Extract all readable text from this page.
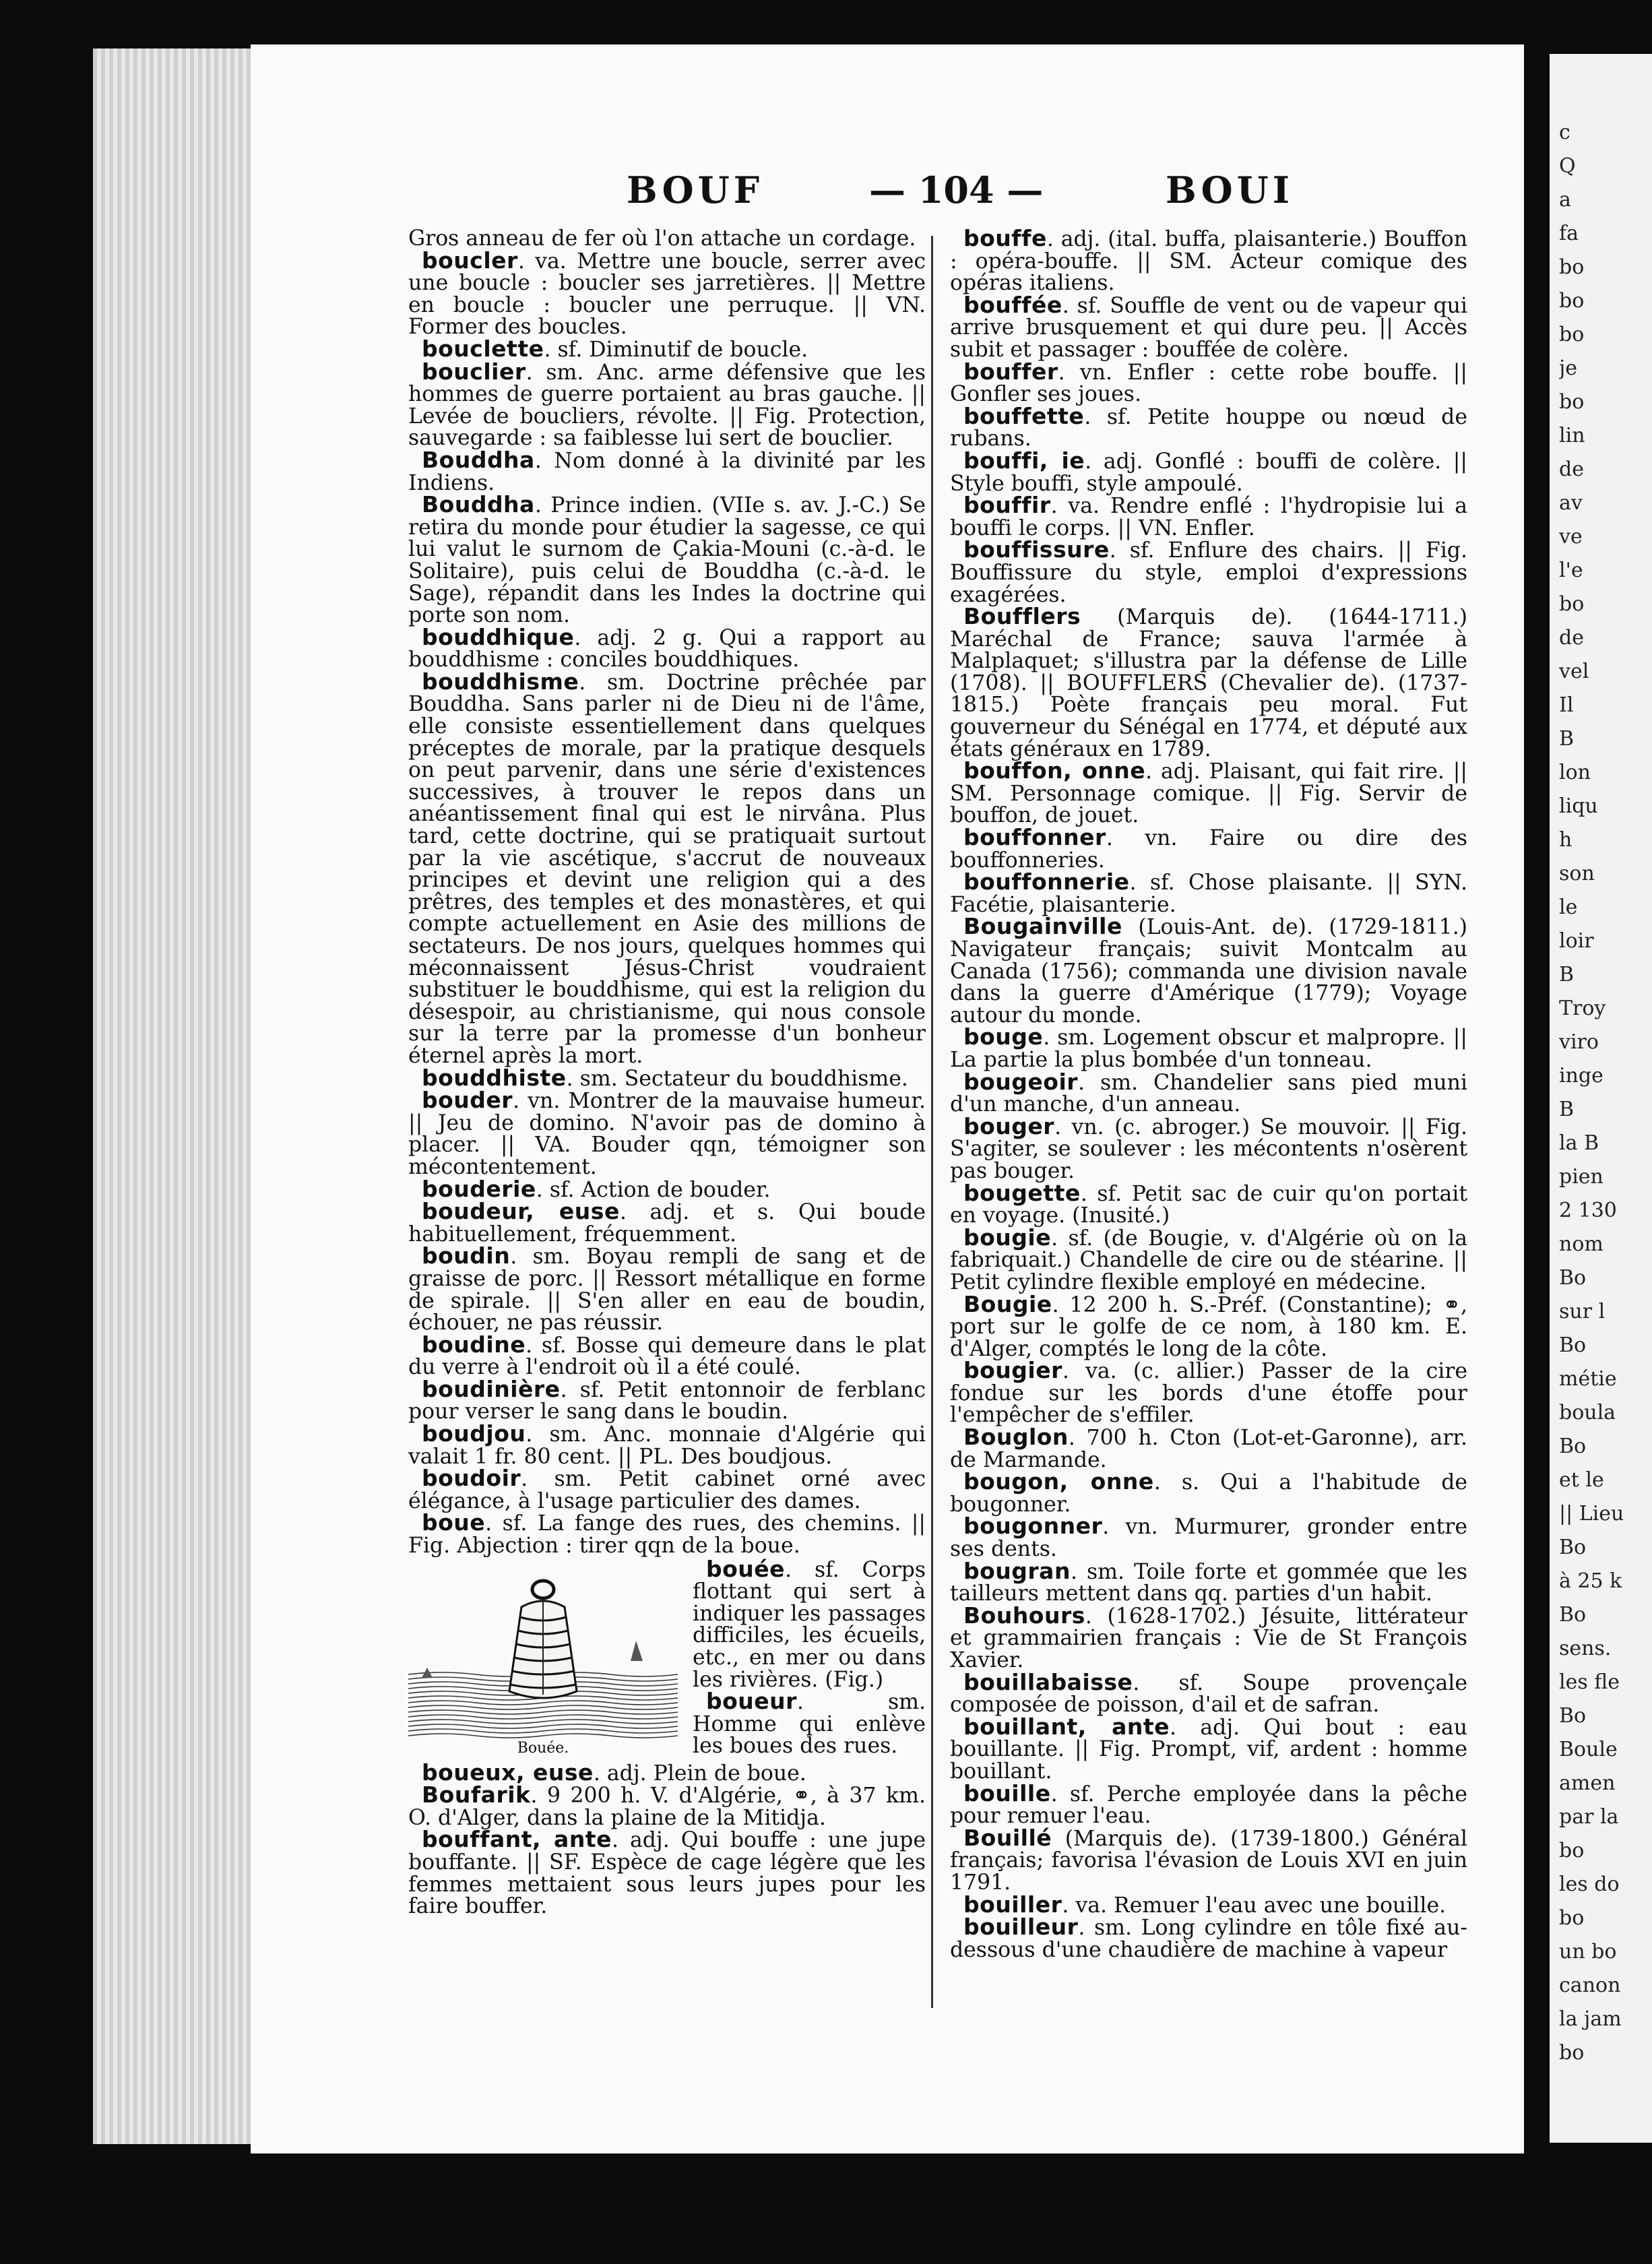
c
Q
a
fa
bo
bo
bo
je
bo
lin
de
av
ve
l'e
bo
de
vel
Il
B
lon
liqu
h
son
le
loir
B
Troy
viro
inge
B
la B
pien
2 130
nom
Bo
sur l
Bo
métie
boula
Bo
et le
|| Lieu
Bo
à 25 k
Bo
sens.
les fle
Bo
Boule
amen
par la
bo
les do
bo
un bo
canon
la jam
bo
BOUF	— 104 —	BOUI

Gros anneau de fer où l'on attache un cordage.

boucler. va. Mettre une boucle, serrer avec une boucle : boucler ses jarretières. || Mettre en boucle : boucler une perruque. || VN. Former des boucles.

bouclette. sf. Diminutif de boucle.

bouclier. sm. Anc. arme défensive que les hommes de guerre portaient au bras gauche. || Levée de boucliers, révolte. || Fig. Protection, sauvegarde : sa faiblesse lui sert de bouclier.

Bouddha. Nom donné à la divinité par les Indiens.

Bouddha. Prince indien. (VIIe s. av. J.-C.) Se retira du monde pour étudier la sagesse, ce qui lui valut le surnom de Çakia-Mouni (c.-à-d. le Solitaire), puis celui de Bouddha (c.-à-d. le Sage), répandit dans les Indes la doctrine qui porte son nom.

bouddhique. adj. 2 g. Qui a rapport au bouddhisme : conciles bouddhiques.

bouddhisme. sm. Doctrine prêchée par Bouddha. Sans parler ni de Dieu ni de l'âme, elle consiste essentiellement dans quelques préceptes de morale, par la pratique desquels on peut parvenir, dans une série d'existences successives, à trouver le repos dans un anéantissement final qui est le nirvâna. Plus tard, cette doctrine, qui se pratiquait surtout par la vie ascétique, s'accrut de nouveaux principes et devint une religion qui a des prêtres, des temples et des monastères, et qui compte actuellement en Asie des millions de sectateurs. De nos jours, quelques hommes qui méconnaissent Jésus-Christ voudraient substituer le bouddhisme, qui est la religion du désespoir, au christianisme, qui nous console sur la terre par la promesse d'un bonheur éternel après la mort.

bouddhiste. sm. Sectateur du bouddhisme.

bouder. vn. Montrer de la mauvaise humeur. || Jeu de domino. N'avoir pas de domino à placer. || VA. Bouder qqn, témoigner son mécontentement.

bouderie. sf. Action de bouder.

boudeur, euse. adj. et s. Qui boude habituellement, fréquemment.

boudin. sm. Boyau rempli de sang et de graisse de porc. || Ressort métallique en forme de spirale. || S'en aller en eau de boudin, échouer, ne pas réussir.

boudine. sf. Bosse qui demeure dans le plat du verre à l'endroit où il a été coulé.

boudinière. sf. Petit entonnoir de ferblanc pour verser le sang dans le boudin.

boudjou. sm. Anc. monnaie d'Algérie qui valait 1 fr. 80 cent. || PL. Des boudjous.

boudoir. sm. Petit cabinet orné avec élégance, à l'usage particulier des dames.

boue. sf. La fange des rues, des chemins. || Fig. Abjection : tirer qqn de la boue.

Bouée.

bouée. sf. Corps flottant qui sert à indiquer les passages difficiles, les écueils, etc., en mer ou dans les rivières. (Fig.)

boueur. sm. Homme qui enlève les boues des rues.

boueux, euse. adj. Plein de boue.

Boufarik. 9 200 h. V. d'Algérie, ⚭, à 37 km. O. d'Alger, dans la plaine de la Mitidja.

bouffant, ante. adj. Qui bouffe : une jupe bouffante. || SF. Espèce de cage légère que les femmes mettaient sous leurs jupes pour les faire bouffer.

bouffe. adj. (ital. buffa, plaisanterie.) Bouffon : opéra-bouffe. || SM. Acteur comique des opéras italiens.

bouffée. sf. Souffle de vent ou de vapeur qui arrive brusquement et qui dure peu. || Accès subit et passager : bouffée de colère.

bouffer. vn. Enfler : cette robe bouffe. || Gonfler ses joues.

bouffette. sf. Petite houppe ou nœud de rubans.

bouffi, ie. adj. Gonflé : bouffi de colère. || Style bouffi, style ampoulé.

bouffir. va. Rendre enflé : l'hydropisie lui a bouffi le corps. || VN. Enfler.

bouffissure. sf. Enflure des chairs. || Fig. Bouffissure du style, emploi d'expressions exagérées.

Boufflers (Marquis de). (1644-1711.) Maréchal de France; sauva l'armée à Malplaquet; s'illustra par la défense de Lille (1708). || BOUFFLERS (Chevalier de). (1737-1815.) Poète français peu moral. Fut gouverneur du Sénégal en 1774, et député aux états généraux en 1789.

bouffon, onne. adj. Plaisant, qui fait rire. || SM. Personnage comique. || Fig. Servir de bouffon, de jouet.

bouffonner. vn. Faire ou dire des bouffonneries.

bouffonnerie. sf. Chose plaisante. || SYN. Facétie, plaisanterie.

Bougainville (Louis-Ant. de). (1729-1811.) Navigateur français; suivit Montcalm au Canada (1756); commanda une division navale dans la guerre d'Amérique (1779); Voyage autour du monde.

bouge. sm. Logement obscur et malpropre. || La partie la plus bombée d'un tonneau.

bougeoir. sm. Chandelier sans pied muni d'un manche, d'un anneau.

bouger. vn. (c. abroger.) Se mouvoir. || Fig. S'agiter, se soulever : les mécontents n'osèrent pas bouger.

bougette. sf. Petit sac de cuir qu'on portait en voyage. (Inusité.)

bougie. sf. (de Bougie, v. d'Algérie où on la fabriquait.) Chandelle de cire ou de stéarine. || Petit cylindre flexible employé en médecine.

Bougie. 12 200 h. S.-Préf. (Constantine); ⚭, port sur le golfe de ce nom, à 180 km. E. d'Alger, comptés le long de la côte.

bougier. va. (c. allier.) Passer de la cire fondue sur les bords d'une étoffe pour l'empêcher de s'effiler.

Bouglon. 700 h. Cton (Lot-et-Garonne), arr. de Marmande.

bougon, onne. s. Qui a l'habitude de bougonner.

bougonner. vn. Murmurer, gronder entre ses dents.

bougran. sm. Toile forte et gommée que les tailleurs mettent dans qq. parties d'un habit.

Bouhours. (1628-1702.) Jésuite, littérateur et grammairien français : Vie de St François Xavier.

bouillabaisse. sf. Soupe provençale composée de poisson, d'ail et de safran.

bouillant, ante. adj. Qui bout : eau bouillante. || Fig. Prompt, vif, ardent : homme bouillant.

bouille. sf. Perche employée dans la pêche pour remuer l'eau.

Bouillé (Marquis de). (1739-1800.) Général français; favorisa l'évasion de Louis XVI en juin 1791.

bouiller. va. Remuer l'eau avec une bouille.

bouilleur. sm. Long cylindre en tôle fixé au-dessous d'une chaudière de machine à vapeur
